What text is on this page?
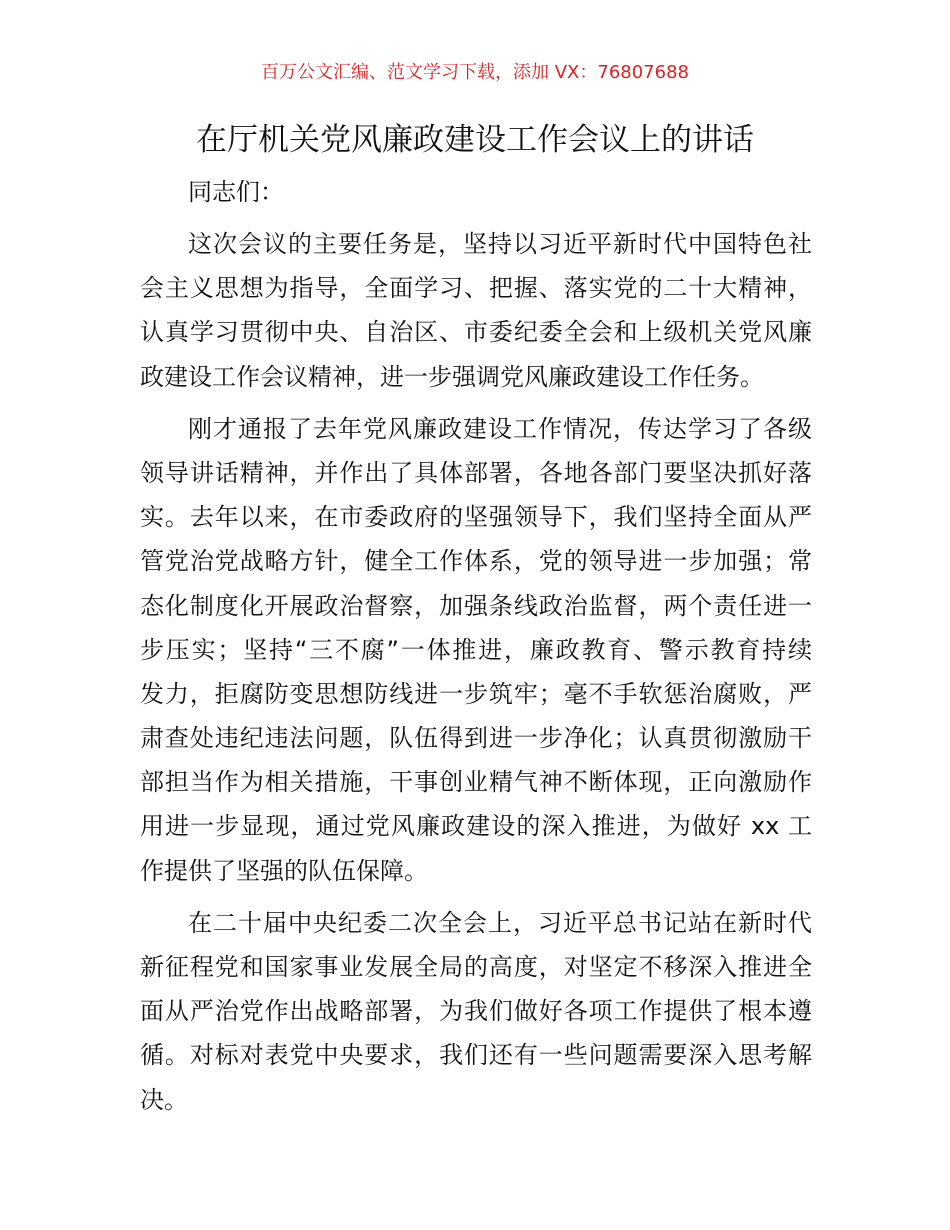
百万公文汇编、范文学习下载，添加 VX：76807688
在厅机关党风廉政建设工作会议上的讲话
同志们：
这次会议的主要任务是，坚持以习近平新时代中国特色社
会主义思想为指导，全面学习、把握、落实党的二十大精神，
认真学习贯彻中央、自治区、市委纪委全会和上级机关党风廉
政建设工作会议精神，进一步强调党风廉政建设工作任务。
刚才通报了去年党风廉政建设工作情况，传达学习了各级
领导讲话精神，并作出了具体部署，各地各部门要坚决抓好落
实。去年以来，在市委政府的坚强领导下，我们坚持全面从严
管党治党战略方针，健全工作体系，党的领导进一步加强；常
态化制度化开展政治督察，加强条线政治监督，两个责任进一
步压实；坚持“三不腐”一体推进，廉政教育、警示教育持续
发力，拒腐防变思想防线进一步筑牢；毫不手软惩治腐败，严
肃查处违纪违法问题，队伍得到进一步净化；认真贯彻激励干
部担当作为相关措施，干事创业精气神不断体现，正向激励作
用进一步显现，通过党风廉政建设的深入推进，为做好 xx 工
作提供了坚强的队伍保障。
在二十届中央纪委二次全会上，习近平总书记站在新时代
新征程党和国家事业发展全局的高度，对坚定不移深入推进全
面从严治党作出战略部署，为我们做好各项工作提供了根本遵
循。对标对表党中央要求，我们还有一些问题需要深入思考解
决。
